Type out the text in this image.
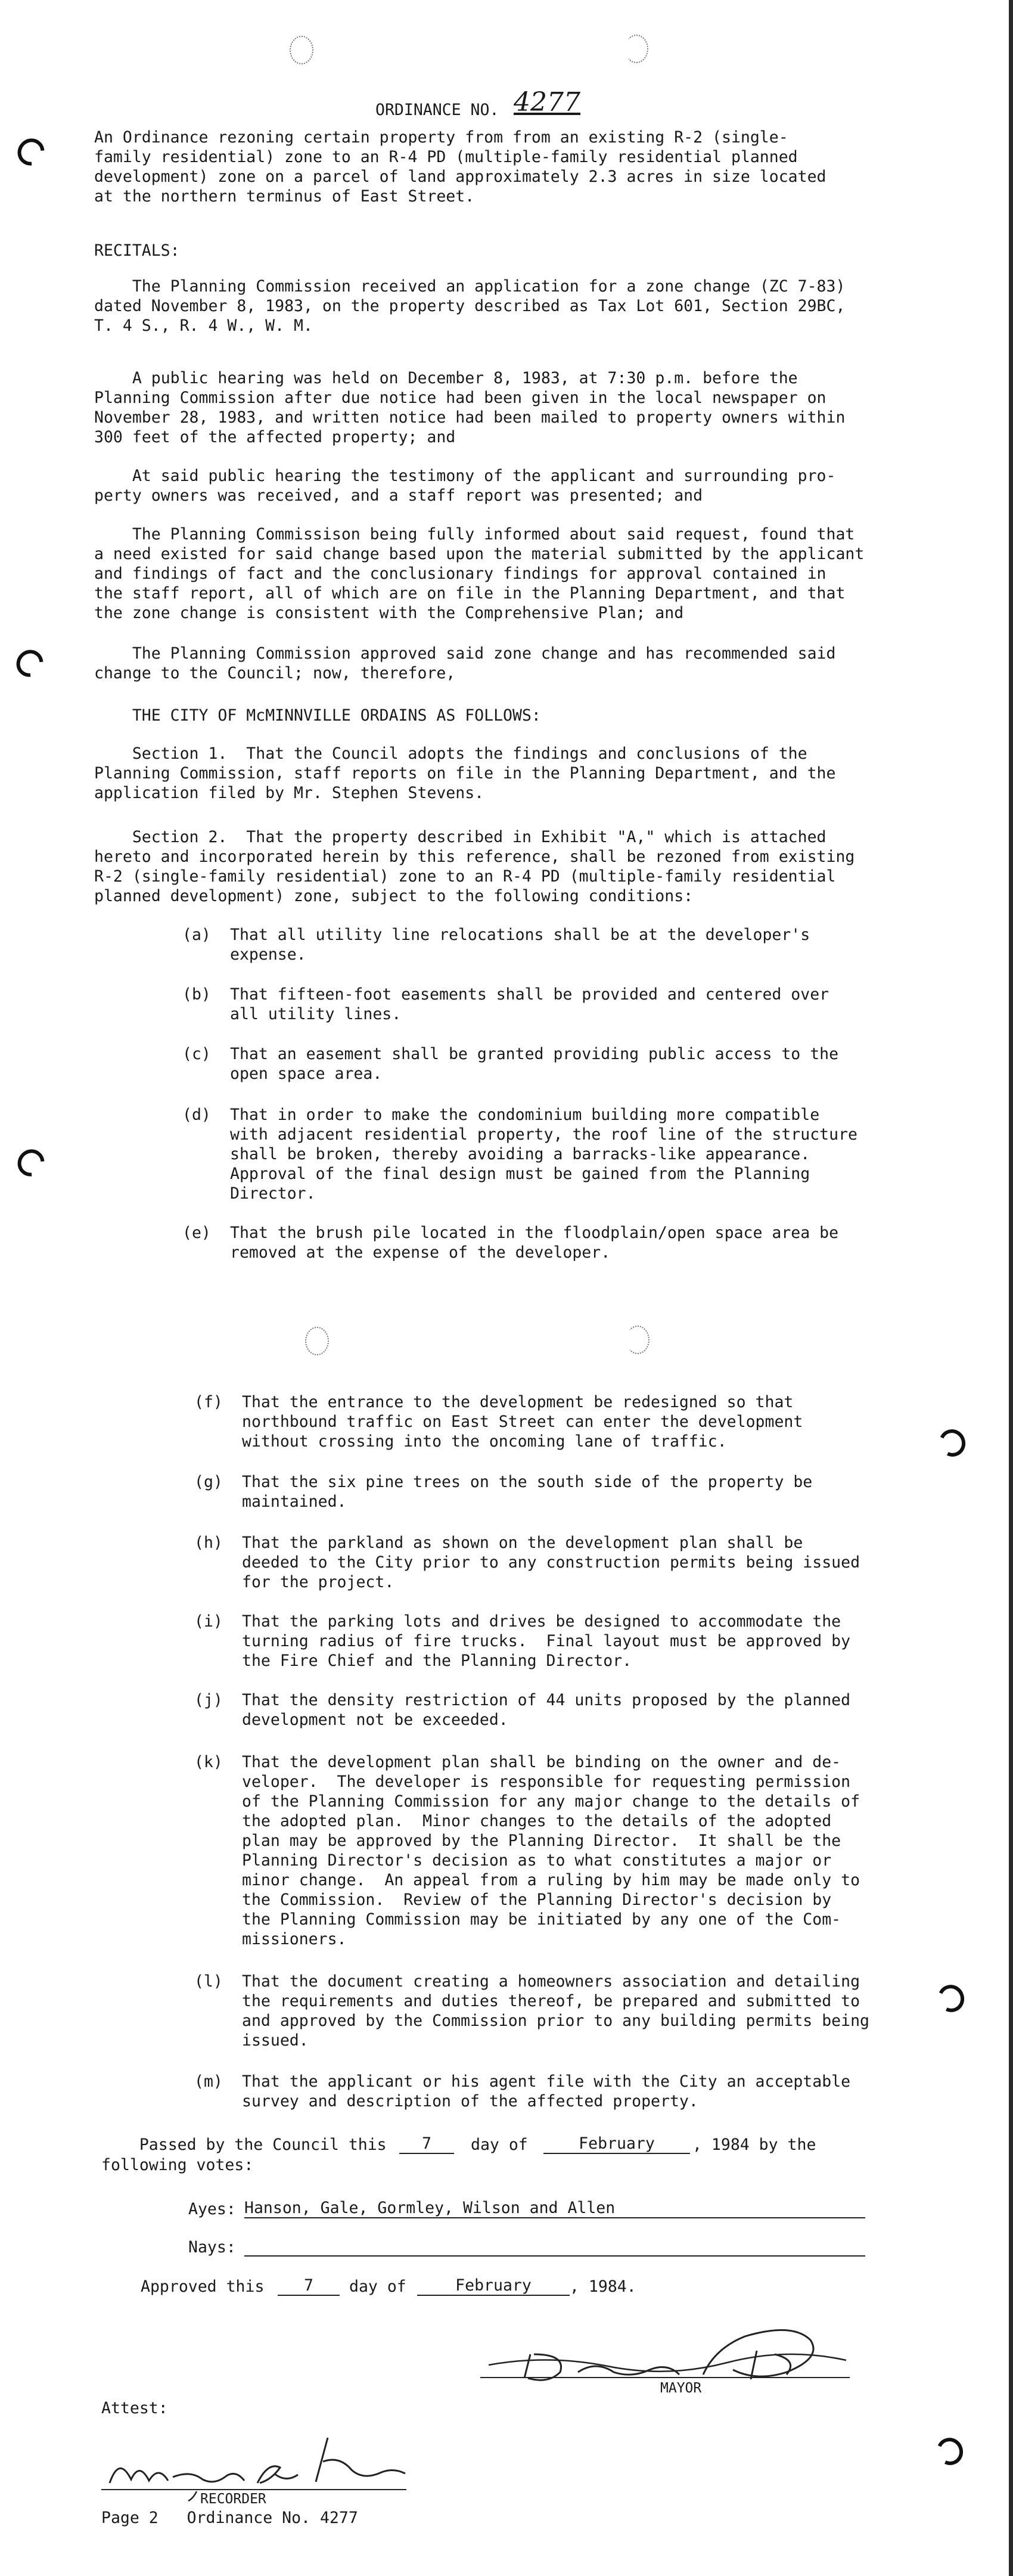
ORDINANCE NO. 4277
An Ordinance rezoning certain property from from an existing R-2 (single-
family residential) zone to an R-4 PD (multiple-family residential planned
development) zone on a parcel of land approximately 2.3 acres in size located
at the northern terminus of East Street.
RECITALS:
The Planning Commission received an application for a zone change (ZC 7-83)
dated November 8, 1983, on the property described as Tax Lot 601, Section 29BC,
T. 4 S., R. 4 W., W. M.
A public hearing was held on December 8, 1983, at 7:30 p.m. before the
Planning Commission after due notice had been given in the local newspaper on
November 28, 1983, and written notice had been mailed to property owners within
300 feet of the affected property; and
At said public hearing the testimony of the applicant and surrounding pro-
perty owners was received, and a staff report was presented; and
The Planning Commissison being fully informed about said request, found that
a need existed for said change based upon the material submitted by the applicant
and findings of fact and the conclusionary findings for approval contained in
the staff report, all of which are on file in the Planning Department, and that
the zone change is consistent with the Comprehensive Plan; and
The Planning Commission approved said zone change and has recommended said
change to the Council; now, therefore,
THE CITY OF McMINNVILLE ORDAINS AS FOLLOWS:
Section 1.  That the Council adopts the findings and conclusions of the
Planning Commission, staff reports on file in the Planning Department, and the
application filed by Mr. Stephen Stevens.
Section 2.  That the property described in Exhibit "A," which is attached
hereto and incorporated herein by this reference, shall be rezoned from existing
R-2 (single-family residential) zone to an R-4 PD (multiple-family residential
planned development) zone, subject to the following conditions:
(a) That all utility line relocations shall be at the developer's
expense.
(b) That fifteen-foot easements shall be provided and centered over
all utility lines.
(c) That an easement shall be granted providing public access to the
open space area.
(d) That in order to make the condominium building more compatible
with adjacent residential property, the roof line of the structure
shall be broken, thereby avoiding a barracks-like appearance.
Approval of the final design must be gained from the Planning
Director.
(e) That the brush pile located in the floodplain/open space area be
removed at the expense of the developer.
(f) That the entrance to the development be redesigned so that
northbound traffic on East Street can enter the development
without crossing into the oncoming lane of traffic.
(g) That the six pine trees on the south side of the property be
maintained.
(h) That the parkland as shown on the development plan shall be
deeded to the City prior to any construction permits being issued
for the project.
(i) That the parking lots and drives be designed to accommodate the
turning radius of fire trucks.  Final layout must be approved by
the Fire Chief and the Planning Director.
(j) That the density restriction of 44 units proposed by the planned
development not be exceeded.
(k) That the development plan shall be binding on the owner and de-
veloper.  The developer is responsible for requesting permission
of the Planning Commission for any major change to the details of
the adopted plan.  Minor changes to the details of the adopted
plan may be approved by the Planning Director.  It shall be the
Planning Director's decision as to what constitutes a major or
minor change.  An appeal from a ruling by him may be made only to
the Commission.  Review of the Planning Director's decision by
the Planning Commission may be initiated by any one of the Com-
missioners.
(l) That the document creating a homeowners association and detailing
the requirements and duties thereof, be prepared and submitted to
and approved by the Commission prior to any building permits being
issued.
(m) That the applicant or his agent file with the City an acceptable
survey and description of the affected property.
Passed by the Council this	7	day of	February	, 1984 by the
following votes:
Ayes: Hanson, Gale, Gormley, Wilson and Allen
Nays:
Approved this	7	day of	February	, 1984.
MAYOR
Attest:
RECORDER
Page 2   Ordinance No. 4277
